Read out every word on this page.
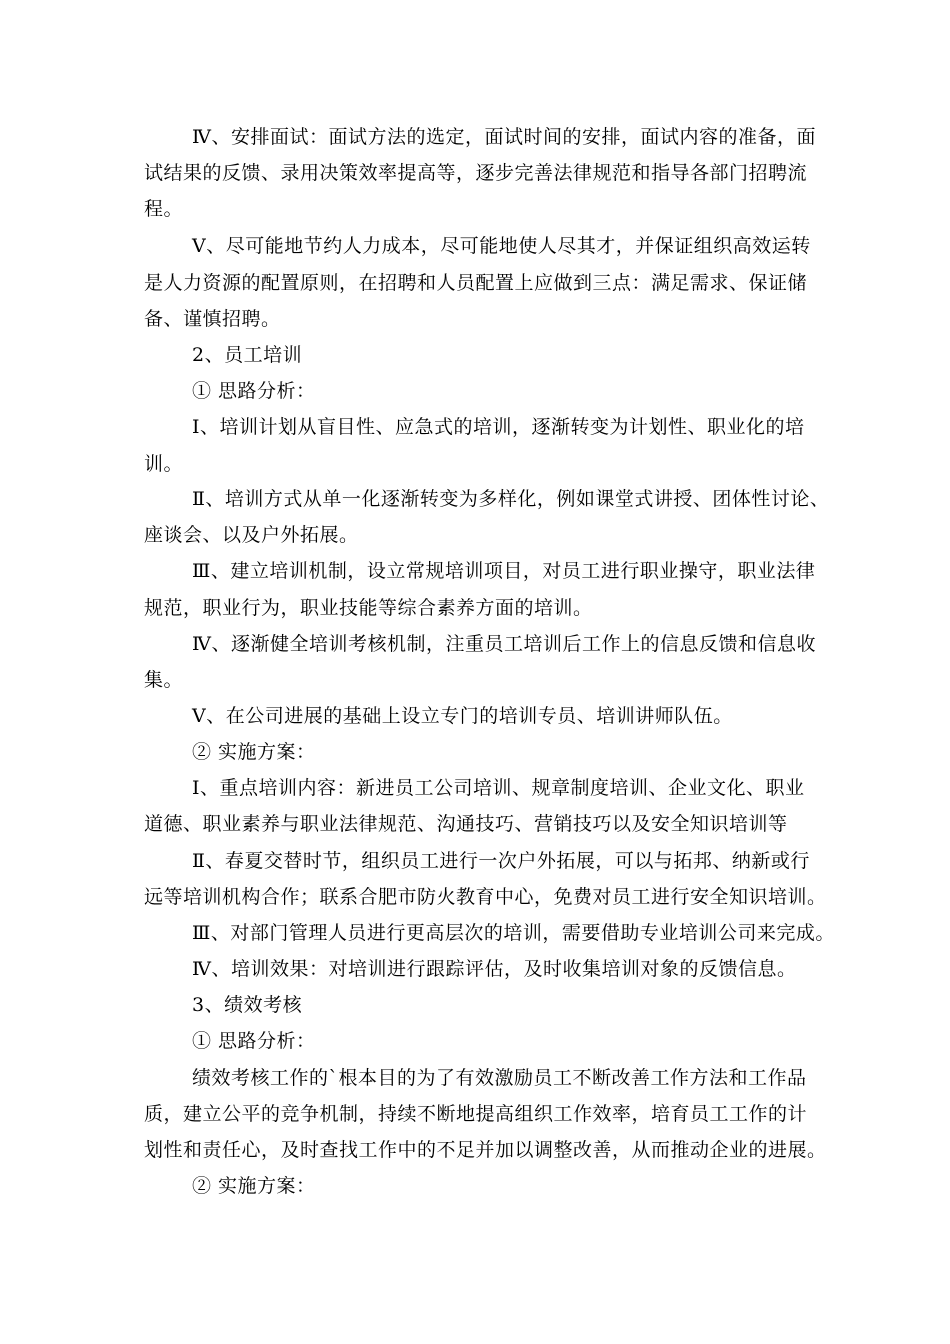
Ⅳ、安排面试：面试方法的选定，面试时间的安排，面试内容的准备，面
试结果的反馈、录用决策效率提高等，逐步完善法律规范和指导各部门招聘流
程。
Ⅴ、尽可能地节约人力成本，尽可能地使人尽其才，并保证组织高效运转
是人力资源的配置原则，在招聘和人员配置上应做到三点：满足需求、保证储
备、谨慎招聘。
2、员工培训
① 思路分析：
Ⅰ、培训计划从盲目性、应急式的培训，逐渐转变为计划性、职业化的培
训。
Ⅱ、培训方式从单一化逐渐转变为多样化，例如课堂式讲授、团体性讨论、
座谈会、以及户外拓展。
Ⅲ、建立培训机制，设立常规培训项目，对员工进行职业操守，职业法律
规范，职业行为，职业技能等综合素养方面的培训。
Ⅳ、逐渐健全培训考核机制，注重员工培训后工作上的信息反馈和信息收
集。
Ⅴ、在公司进展的基础上设立专门的培训专员、培训讲师队伍。
② 实施方案：
Ⅰ、重点培训内容：新进员工公司培训、规章制度培训、企业文化、职业
道德、职业素养与职业法律规范、沟通技巧、营销技巧以及安全知识培训等
Ⅱ、春夏交替时节，组织员工进行一次户外拓展，可以与拓邦、纳新或行
远等培训机构合作；联系合肥市防火教育中心，免费对员工进行安全知识培训。
Ⅲ、对部门管理人员进行更高层次的培训，需要借助专业培训公司来完成。
Ⅳ、培训效果：对培训进行跟踪评估，及时收集培训对象的反馈信息。
3、绩效考核
① 思路分析：
绩效考核工作的`根本目的为了有效激励员工不断改善工作方法和工作品
质，建立公平的竞争机制，持续不断地提高组织工作效率，培育员工工作的计
划性和责任心，及时查找工作中的不足并加以调整改善，从而推动企业的进展。
② 实施方案：
